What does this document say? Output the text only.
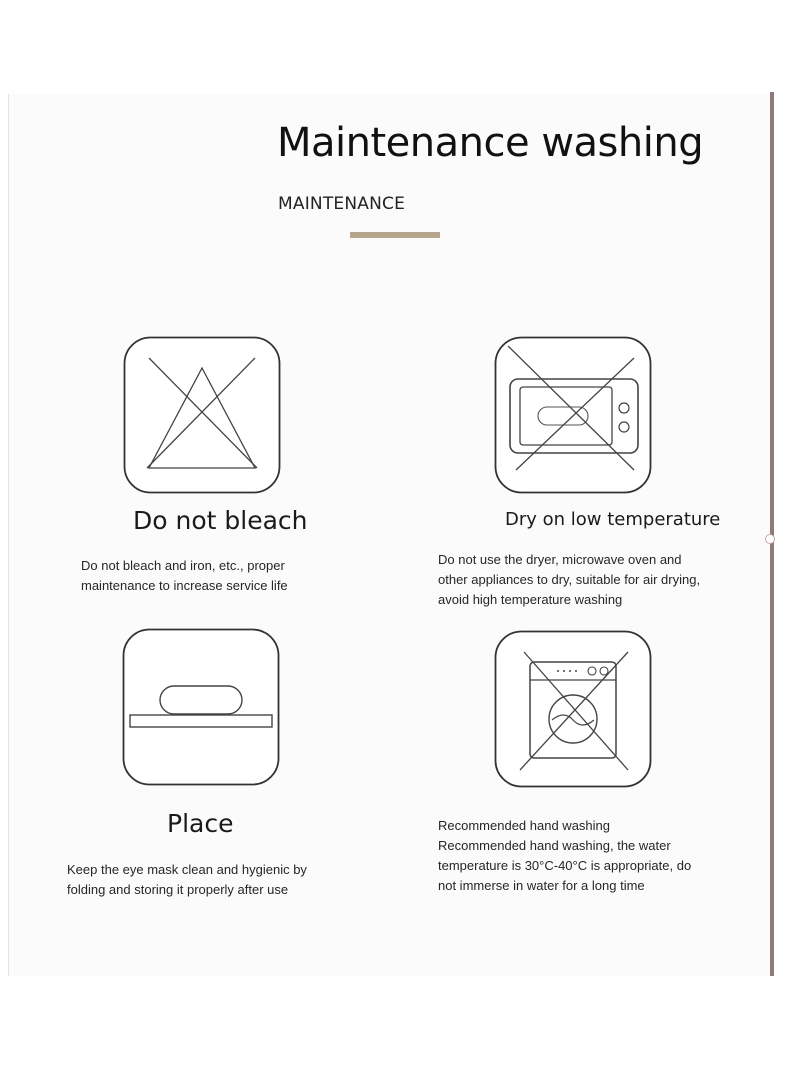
Maintenance washing
MAINTENANCE
Do not bleach
Do not bleach and iron, etc., proper
maintenance to increase service life
Dry on low temperature
Do not use the dryer, microwave oven and
other appliances to dry, suitable for air drying,
avoid high temperature washing
Place
Keep the eye mask clean and hygienic by
folding and storing it properly after use
Recommended hand washing
Recommended hand washing, the water
temperature is 30°C-40°C is appropriate, do
not immerse in water for a long time
